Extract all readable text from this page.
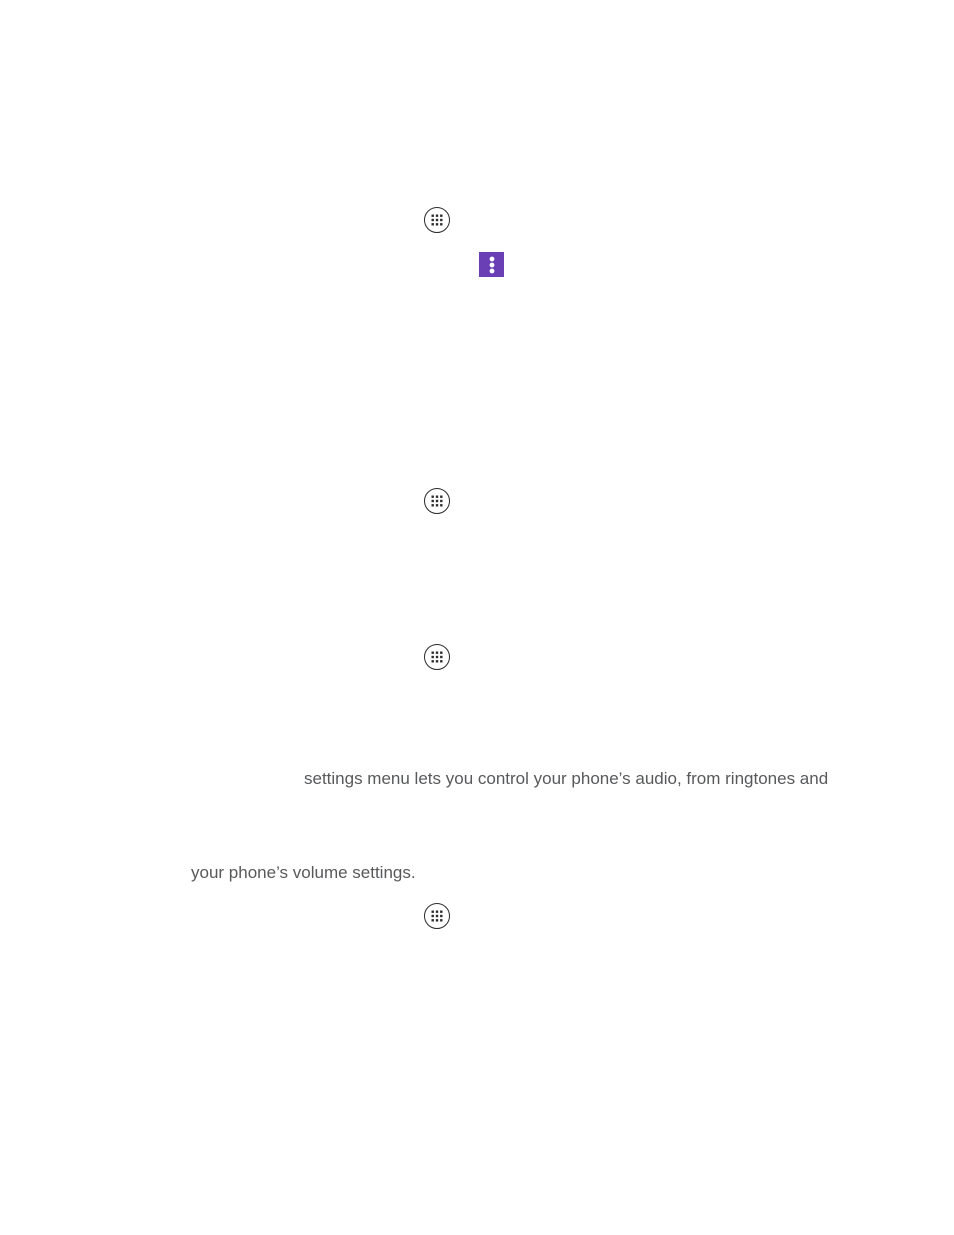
settings menu lets you control your phone’s audio, from ringtones and
your phone’s volume settings.
